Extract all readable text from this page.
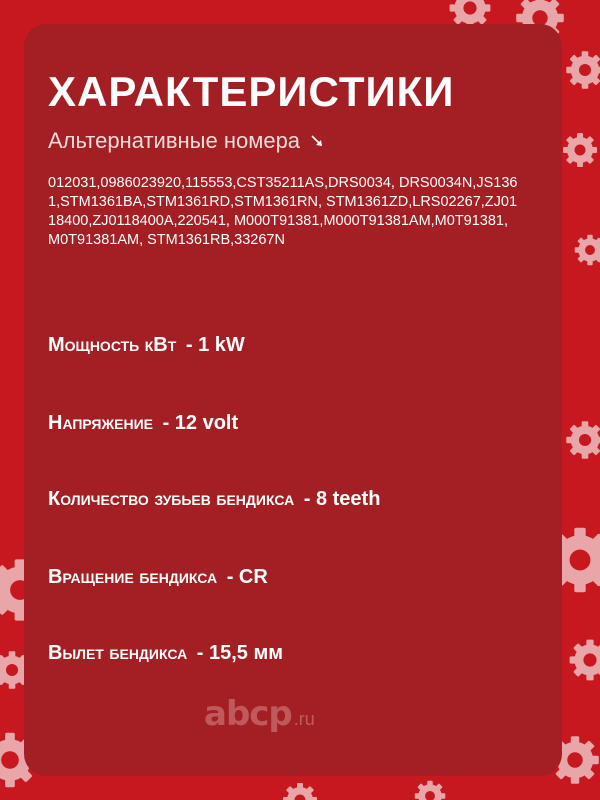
ХАРАКТЕРИСТИКИ
Альтернативные номера

012031,0986023920,115553,CST35211AS,DRS0034, DRS0034N,JS1361,STM1361BA,STM1361RD,STM1361RN, STM1361ZD,LRS02267,ZJ0118400,ZJ0118400A,220541, M000T91381,M000T91381AM,M0T91381,M0T91381AM, STM1361RB,33267N

Мощность кВт - 1 kW

Напряжение - 12 volt

Количество зубьев бендикса - 8 teeth

Вращение бендикса - CR

Вылет бендикса - 15,5 мм

abcp .ru
